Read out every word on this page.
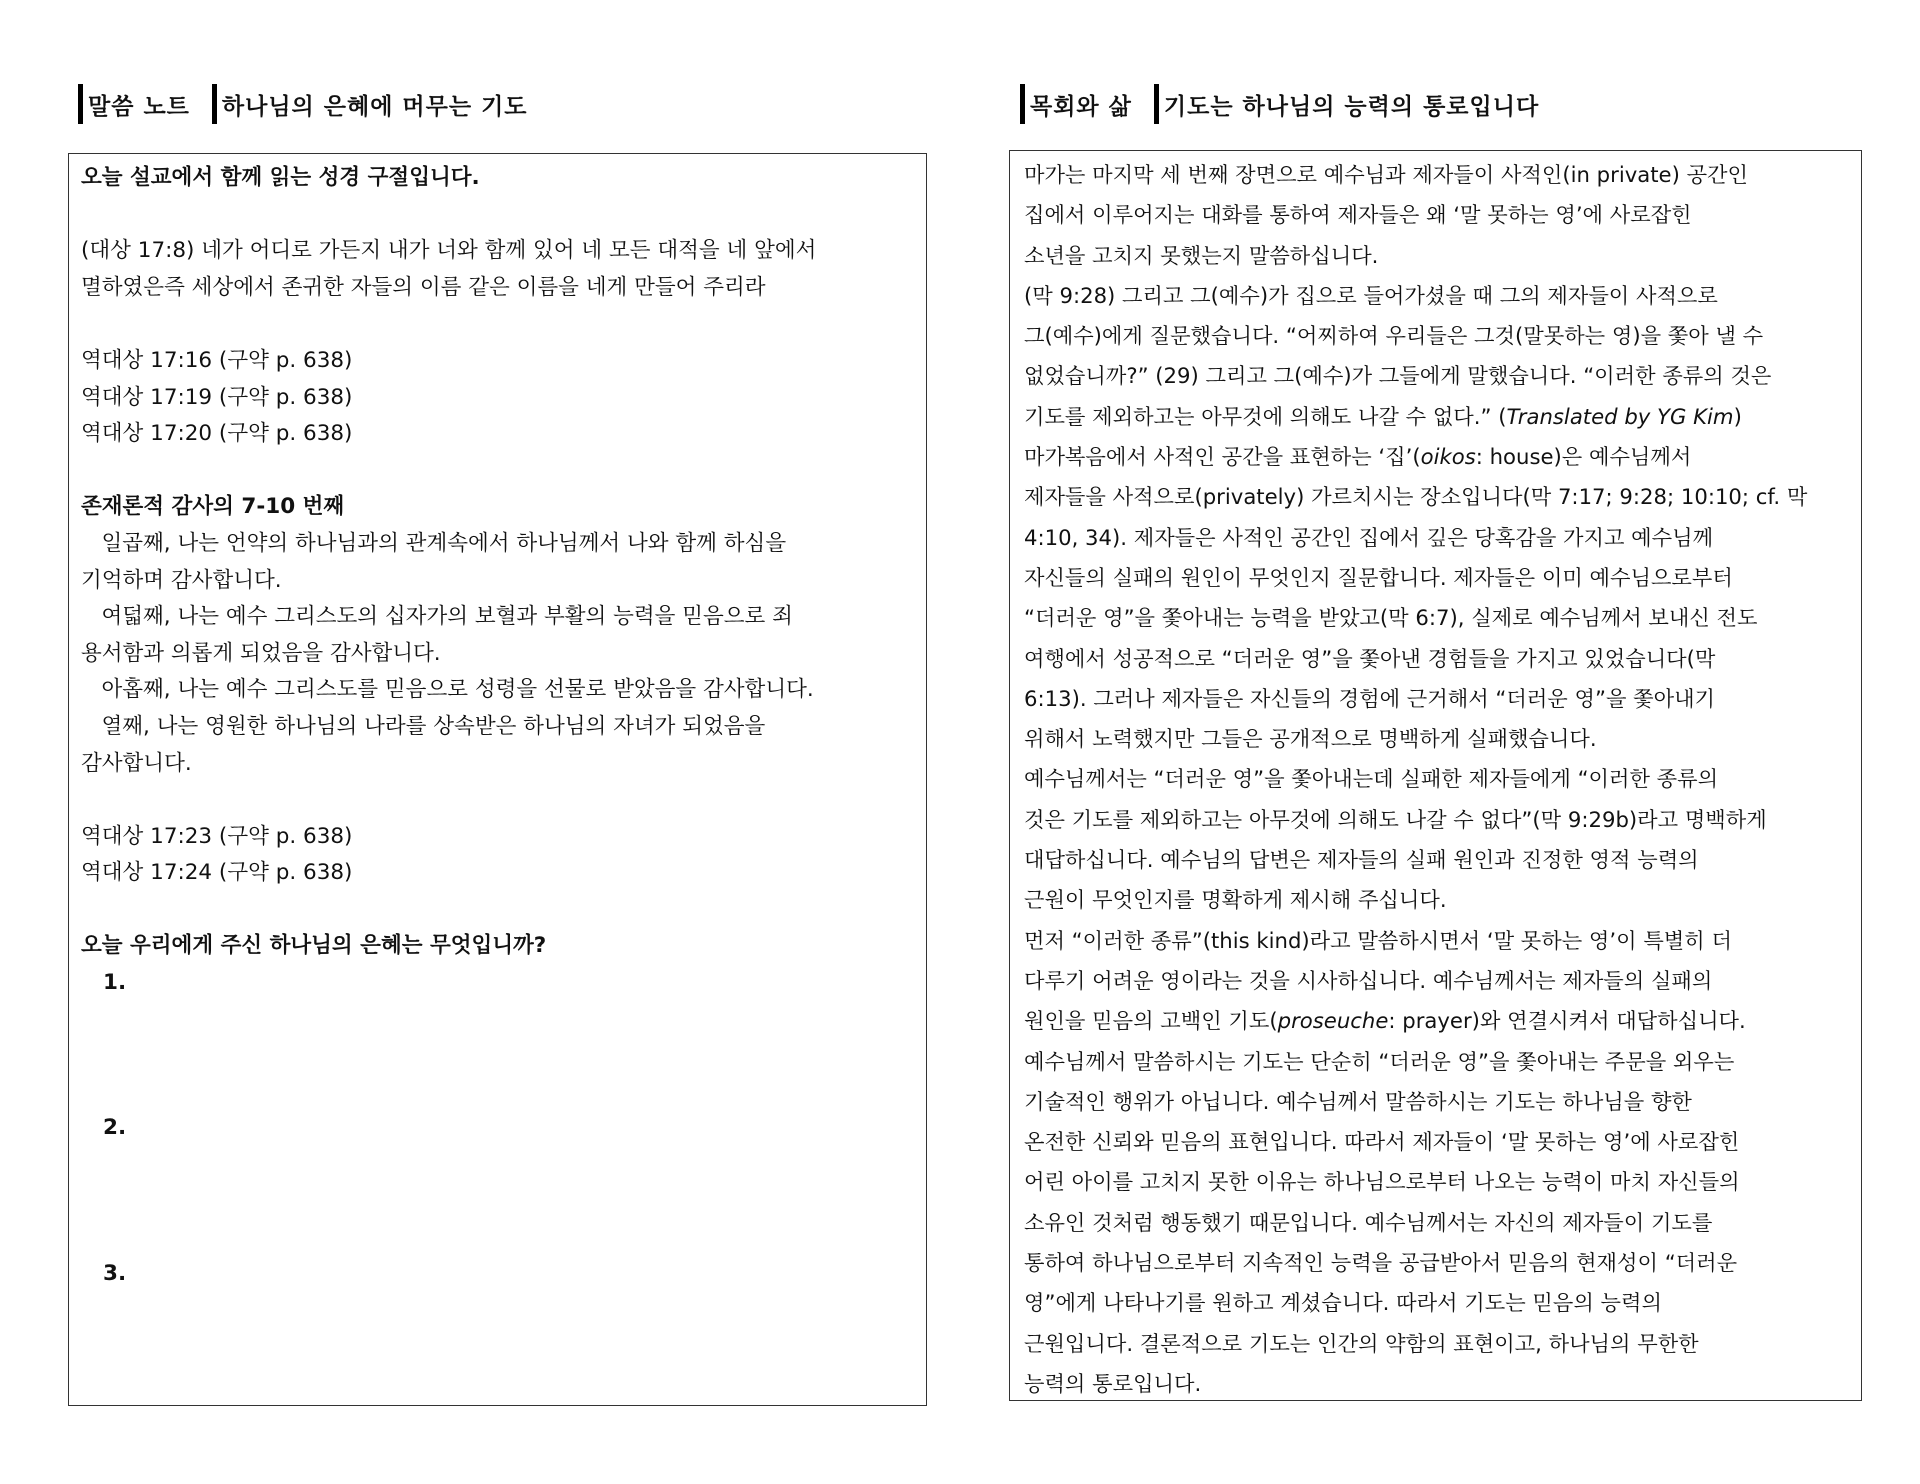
말씀 노트 하나님의 은혜에 머무는 기도	목회와 삶 기도는 하나님의 능력의 통로입니다
오늘 설교에서 함께 읽는 성경 구절입니다.
(대상 17:8) 네가 어디로 가든지 내가 너와 함께 있어 네 모든 대적을 네 앞에서
멸하였은즉 세상에서 존귀한 자들의 이름 같은 이름을 네게 만들어 주리라
역대상 17:16 (구약 p. 638)
역대상 17:19 (구약 p. 638)
역대상 17:20 (구약 p. 638)
존재론적 감사의 7-10 번째
일곱째, 나는 언약의 하나님과의 관계속에서 하나님께서 나와 함께 하심을
기억하며 감사합니다.
여덟째, 나는 예수 그리스도의 십자가의 보혈과 부활의 능력을 믿음으로 죄
용서함과 의롭게 되었음을 감사합니다.
아홉째, 나는 예수 그리스도를 믿음으로 성령을 선물로 받았음을 감사합니다.
열째, 나는 영원한 하나님의 나라를 상속받은 하나님의 자녀가 되었음을
감사합니다.
역대상 17:23 (구약 p. 638)
역대상 17:24 (구약 p. 638)
오늘 우리에게 주신 하나님의 은혜는 무엇입니까?
1.
2.
3.
마가는 마지막 세 번째 장면으로 예수님과 제자들이 사적인(in private) 공간인
집에서 이루어지는 대화를 통하여 제자들은 왜 ‘말 못하는 영’에 사로잡힌
소년을 고치지 못했는지 말씀하십니다.
(막 9:28) 그리고 그(예수)가 집으로 들어가셨을 때 그의 제자들이 사적으로
그(예수)에게 질문했습니다. “어찌하여 우리들은 그것(말못하는 영)을 쫓아 낼 수
없었습니까?” (29) 그리고 그(예수)가 그들에게 말했습니다. “이러한 종류의 것은
기도를 제외하고는 아무것에 의해도 나갈 수 없다.” (Translated by YG Kim)
마가복음에서 사적인 공간을 표현하는 ‘집’(oikos: house)은 예수님께서
제자들을 사적으로(privately) 가르치시는 장소입니다(막 7:17; 9:28; 10:10; cf. 막
4:10, 34). 제자들은 사적인 공간인 집에서 깊은 당혹감을 가지고 예수님께
자신들의 실패의 원인이 무엇인지 질문합니다. 제자들은 이미 예수님으로부터
“더러운 영”을 쫓아내는 능력을 받았고(막 6:7), 실제로 예수님께서 보내신 전도
여행에서 성공적으로 “더러운 영”을 쫓아낸 경험들을 가지고 있었습니다(막
6:13). 그러나 제자들은 자신들의 경험에 근거해서 “더러운 영”을 쫓아내기
위해서 노력했지만 그들은 공개적으로 명백하게 실패했습니다.
예수님께서는 “더러운 영”을 쫓아내는데 실패한 제자들에게 “이러한 종류의
것은 기도를 제외하고는 아무것에 의해도 나갈 수 없다”(막 9:29b)라고 명백하게
대답하십니다. 예수님의 답변은 제자들의 실패 원인과 진정한 영적 능력의
근원이 무엇인지를 명확하게 제시해 주십니다.
먼저 “이러한 종류”(this kind)라고 말씀하시면서 ‘말 못하는 영’이 특별히 더
다루기 어려운 영이라는 것을 시사하십니다. 예수님께서는 제자들의 실패의
원인을 믿음의 고백인 기도(proseuche: prayer)와 연결시켜서 대답하십니다.
예수님께서 말씀하시는 기도는 단순히 “더러운 영”을 쫓아내는 주문을 외우는
기술적인 행위가 아닙니다. 예수님께서 말씀하시는 기도는 하나님을 향한
온전한 신뢰와 믿음의 표현입니다. 따라서 제자들이 ‘말 못하는 영’에 사로잡힌
어린 아이를 고치지 못한 이유는 하나님으로부터 나오는 능력이 마치 자신들의
소유인 것처럼 행동했기 때문입니다. 예수님께서는 자신의 제자들이 기도를
통하여 하나님으로부터 지속적인 능력을 공급받아서 믿음의 현재성이 “더러운
영”에게 나타나기를 원하고 계셨습니다. 따라서 기도는 믿음의 능력의
근원입니다. 결론적으로 기도는 인간의 약함의 표현이고, 하나님의 무한한
능력의 통로입니다.
